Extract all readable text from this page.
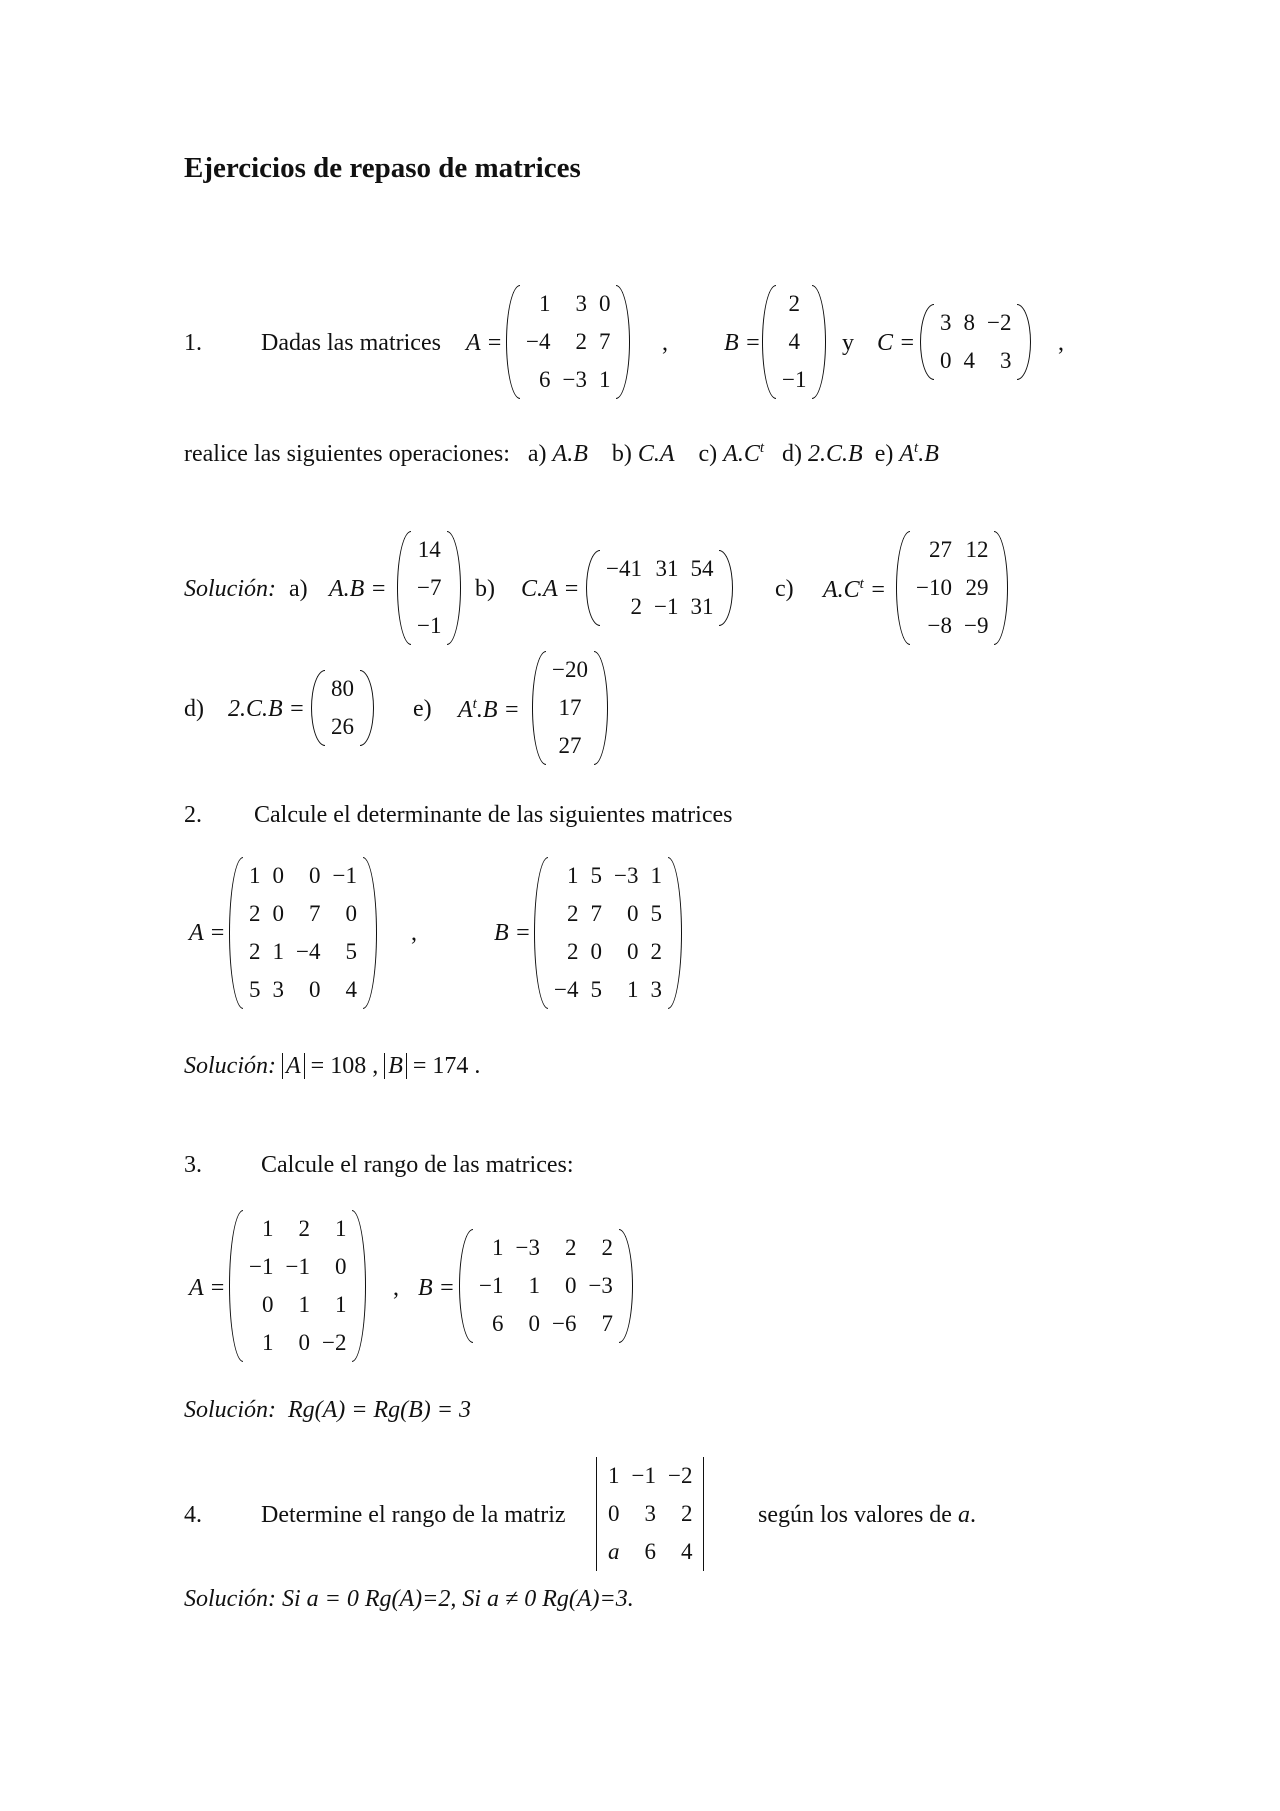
Ejercicios de repaso de matrices
1. Dadas las matrices A =
1	3 0
−4	2 7
6 −3 1
, B =
2
4
−1
y C =
3 8 −2
0 4	3
,
realice las siguientes operaciones: a) A.B b) C.A c) $A.C^t$ d) 2.C.B e) $A^t.B$
Solución: a) A.B =
14
−7
−1
b) C.A =
−41 31 54
2 −1 31
c) $A.C^t$ =
27 12
−10 29
−8 −9
d) 2.C.B =
80
26
e) $A^t.B$ =
−20
17
27
2. Calcule el determinante de las siguientes matrices
A =
1 0	0 −1
2 0	7	0
2 1 −4	5
5 3	0	4
,	B =
1 5 −3 1
2 7	0 5
2 0	0 2
−4 5	1 3
Solución: A = 108 , B = 174 .
3. Calcule el rango de las matrices:
A =
1	2	1
−1 −1	0
0	1	1
1	0 −2
, B =
1 −3	2	2
−1	1	0 −3
6	0 −6	7
Solución: Rg(A) = Rg(B) = 3
4. Determine el rango de la matriz
1 −1 −2
0	3	2
a	6	4
según los valores de a.
Solución: Si a = 0 Rg(A)=2, Si a ≠ 0 Rg(A)=3.
